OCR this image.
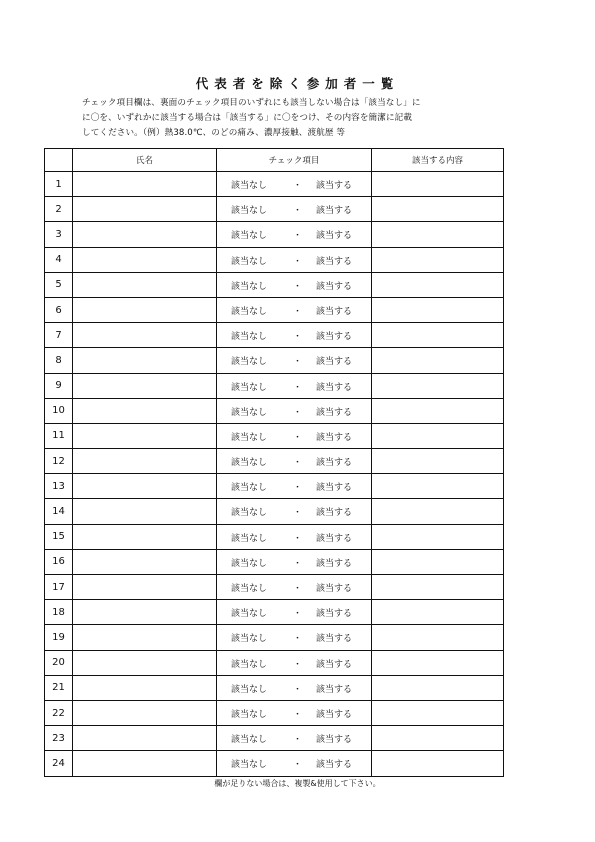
代表者を除く参加者一覧
チェック項目欄は、裏面のチェック項目のいずれにも該当しない場合は「該当なし」に
に〇を、いずれかに該当する場合は「該当する」に〇をつけ、その内容を簡潔に記載
してください。（例）熱38.0℃、のどの痛み、濃厚接触、渡航歴 等
	氏名	チェック項目	該当する内容
1		該当なし ・ 該当する	

2		該当なし ・ 該当する	

3		該当なし ・ 該当する	

4		該当なし ・ 該当する	

5		該当なし ・ 該当する	

6		該当なし ・ 該当する	

7		該当なし ・ 該当する	

8		該当なし ・ 該当する	

9		該当なし ・ 該当する	

10		該当なし ・ 該当する	

11		該当なし ・ 該当する	

12		該当なし ・ 該当する	

13		該当なし ・ 該当する	

14		該当なし ・ 該当する	

15		該当なし ・ 該当する	

16		該当なし ・ 該当する	

17		該当なし ・ 該当する	

18		該当なし ・ 該当する	

19		該当なし ・ 該当する	

20		該当なし ・ 該当する	

21		該当なし ・ 該当する	

22		該当なし ・ 該当する	

23		該当なし ・ 該当する	

24		該当なし ・ 該当する	

欄が足りない場合は、複製&使用して下さい。
